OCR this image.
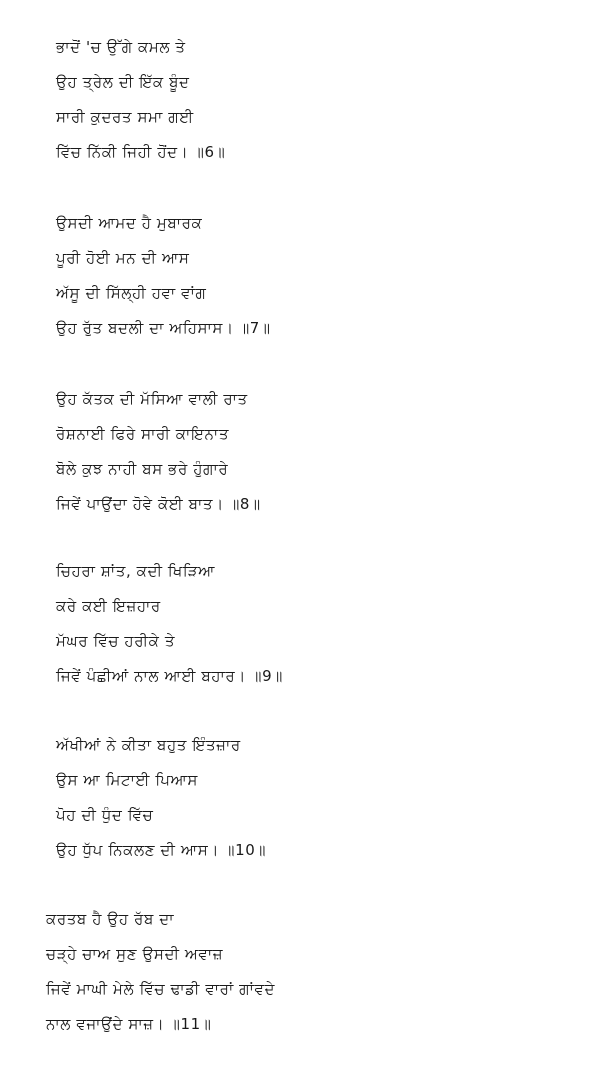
ਭਾਦੋਂ 'ਚ ਉੱਗੇ ਕਮਲ ਤੇ
ਉਹ ਤ੍ਰੇਲ ਦੀ ਇੱਕ ਬੂੰਦ
ਸਾਰੀ ਕੁਦਰਤ ਸਮਾ ਗਈ
ਵਿੱਚ ਨਿੱਕੀ ਜਿਹੀ ਹੋਂਦ। ॥6॥
ਉਸਦੀ ਆਮਦ ਹੈ ਮੁਬਾਰਕ
ਪੂਰੀ ਹੋਈ ਮਨ ਦੀ ਆਸ
ਅੱਸੂ ਦੀ ਸਿੱਲ੍ਹੀ ਹਵਾ ਵਾਂਗ
ਉਹ ਰੁੱਤ ਬਦਲੀ ਦਾ ਅਹਿਸਾਸ। ॥7॥
ਉਹ ਕੱਤਕ ਦੀ ਮੱਸਿਆ ਵਾਲੀ ਰਾਤ
ਰੋਸ਼ਨਾਈ ਫਿਰੇ ਸਾਰੀ ਕਾਇਨਾਤ
ਬੋਲੇ ਕੁਝ ਨਾਹੀ ਬਸ ਭਰੇ ਹੁੰਗਾਰੇ
ਜਿਵੇਂ ਪਾਉਂਦਾ ਹੋਵੇ ਕੋਈ ਬਾਤ। ॥8॥
ਚਿਹਰਾ ਸ਼ਾਂਤ, ਕਦੀ ਖਿੜਿਆ
ਕਰੇ ਕਈ ਇਜ਼ਹਾਰ
ਮੱਘਰ ਵਿੱਚ ਹਰੀਕੇ ਤੇ
ਜਿਵੇਂ ਪੰਛੀਆਂ ਨਾਲ ਆਈ ਬਹਾਰ। ॥9॥
ਅੱਖੀਆਂ ਨੇ ਕੀਤਾ ਬਹੁਤ ਇੰਤਜ਼ਾਰ
ਉਸ ਆ ਮਿਟਾਈ ਪਿਆਸ
ਪੋਹ ਦੀ ਧੁੰਦ ਵਿੱਚ
ਉਹ ਧੁੱਪ ਨਿਕਲਣ ਦੀ ਆਸ। ॥10॥
ਕਰਤਬ ਹੈ ਉਹ ਰੱਬ ਦਾ
ਚੜ੍ਹੇ ਚਾਅ ਸੁਣ ਉਸਦੀ ਅਵਾਜ਼
ਜਿਵੇਂ ਮਾਘੀ ਮੇਲੇ ਵਿੱਚ ਢਾਡੀ ਵਾਰਾਂ ਗਾਂਵਦੇ
ਨਾਲ ਵਜਾਉਂਦੇ ਸਾਜ਼। ॥11॥
